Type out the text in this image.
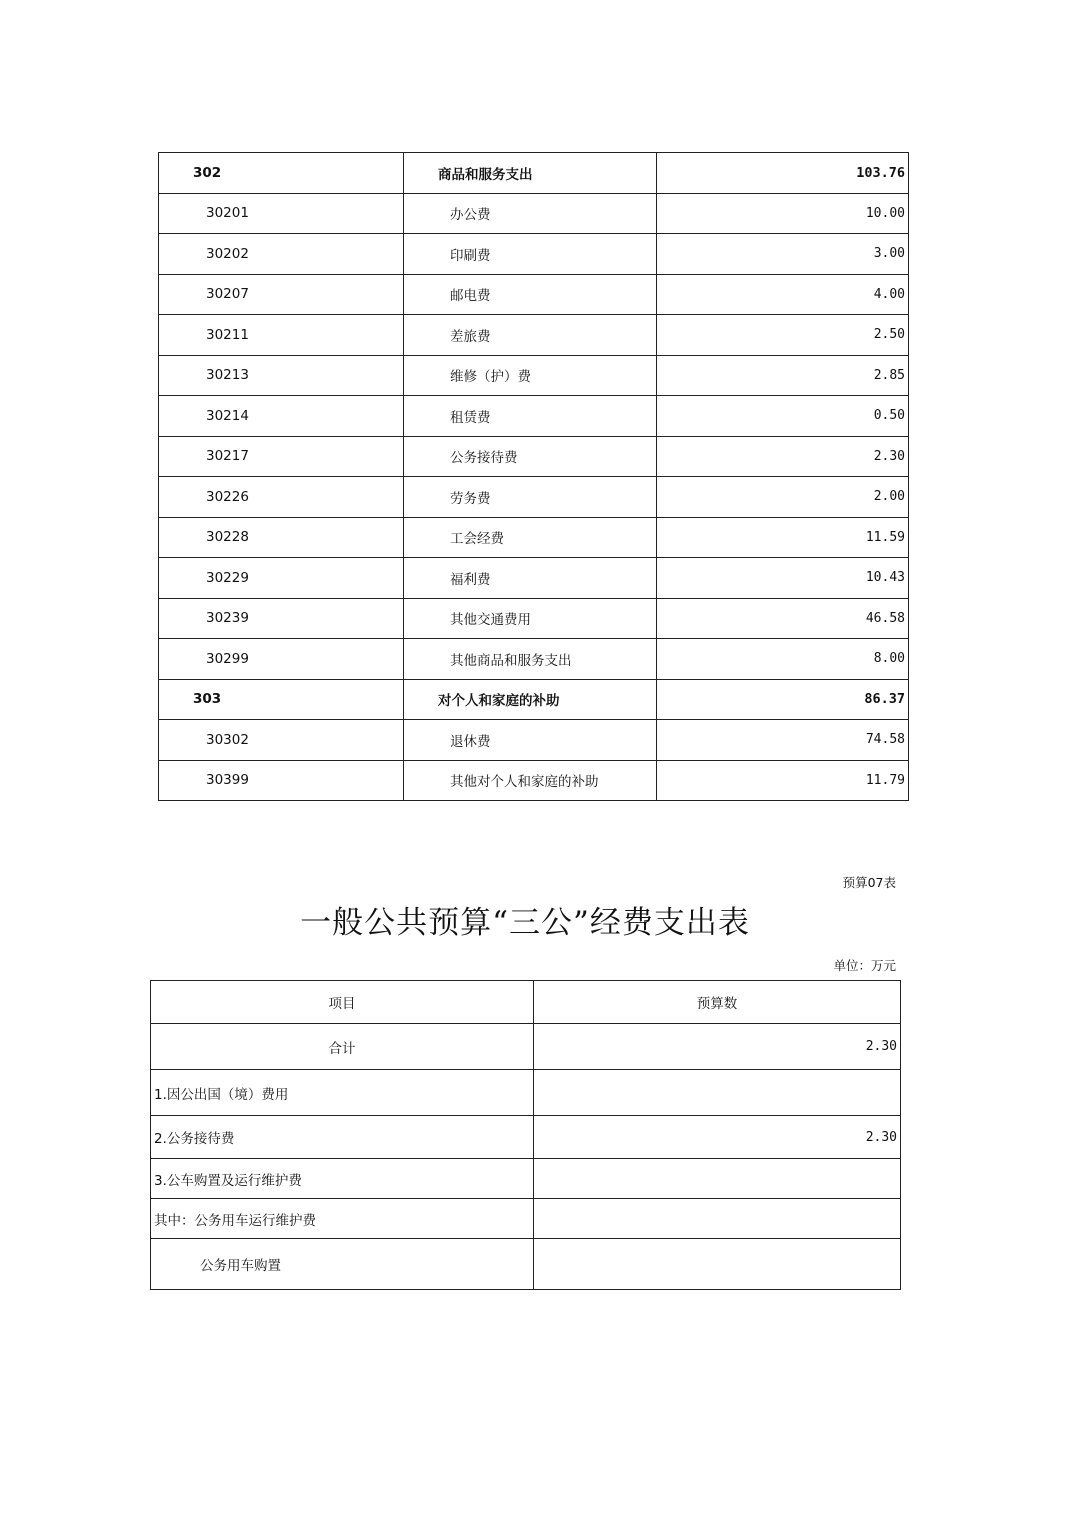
302	商品和服务支出	103.76
30201	办公费	10.00
30202	印刷费	3.00
30207	邮电费	4.00
30211	差旅费	2.50
30213	维修（护）费	2.85
30214	租赁费	0.50
30217	公务接待费	2.30
30226	劳务费	2.00
30228	工会经费	11.59
30229	福利费	10.43
30239	其他交通费用	46.58
30299	其他商品和服务支出	8.00
303	对个人和家庭的补助	86.37
30302	退休费	74.58
30399	其他对个人和家庭的补助	11.79
预算07表
一般公共预算“三公”经费支出表
单位：万元
项目	预算数
合计	2.30
1.因公出国（境）费用	
2.公务接待费	2.30
3.公车购置及运行维护费	
其中：公务用车运行维护费	
公务用车购置	
